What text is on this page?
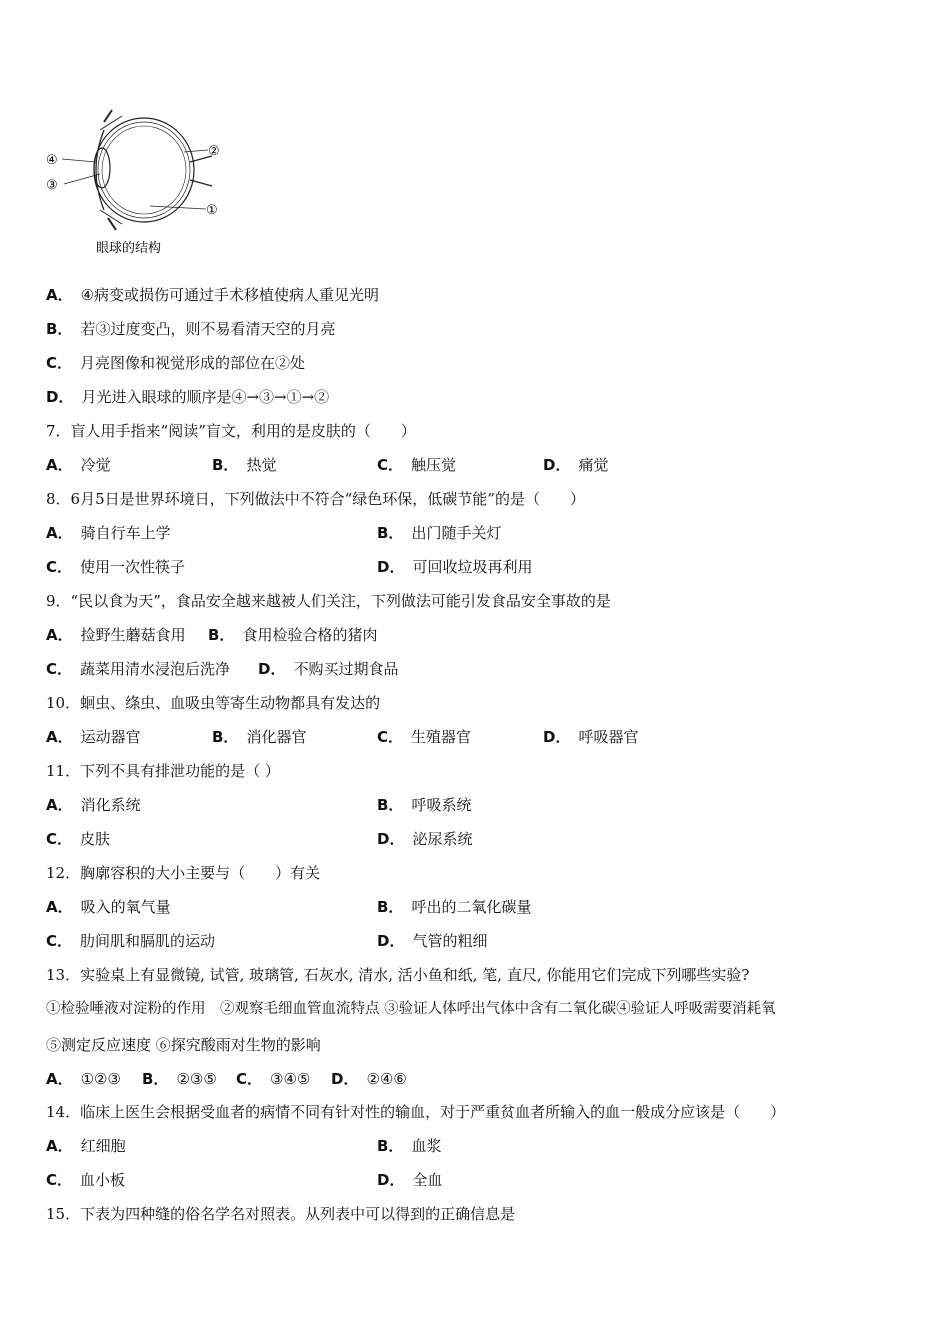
④
③
②
①
眼球的结构
A． ④病变或损伤可通过手术移植使病人重见光明
B． 若③过度变凸，则不易看清天空的月亮
C． 月亮图像和视觉形成的部位在②处
D． 月光进入眼球的顺序是④→③→①→②
7．盲人用手指来“阅读”盲文，利用的是皮肤的（　　）
A． 冷觉	B． 热觉	C． 触压觉	D． 痛觉
8．6月5日是世界环境日，下列做法中不符合“绿色环保，低碳节能”的是（　　）
A． 骑自行车上学	B． 出门随手关灯
C． 使用一次性筷子	D． 可回收垃圾再利用
9．“民以食为天”，食品安全越来越被人们关注，下列做法可能引发食品安全事故的是
A． 捡野生蘑菇食用 B． 食用检验合格的猪肉
C． 蔬菜用清水浸泡后洗净 D． 不购买过期食品
10．蛔虫、绦虫、血吸虫等寄生动物都具有发达的
A． 运动器官	B． 消化器官	C． 生殖器官	D． 呼吸器官
11．下列不具有排泄功能的是（ ）
A． 消化系统	B． 呼吸系统
C． 皮肤	D． 泌尿系统
12．胸廓容积的大小主要与（　　）有关
A． 吸入的氧气量	B． 呼出的二氧化碳量
C． 肋间肌和膈肌的运动	D． 气管的粗细
13．实验桌上有显微镜, 试管, 玻璃管, 石灰水, 清水, 活小鱼和纸, 笔, 直尺, 你能用它们完成下列哪些实验?
①检验唾液对淀粉的作用　②观察毛细血管血流特点 ③验证人体呼出气体中含有二氧化碳④验证人呼吸需要消耗氧
⑤测定反应速度 ⑥探究酸雨对生物的影响
A． ①②③ B． ②③⑤ C． ③④⑤ D． ②④⑥
14．临床上医生会根据受血者的病情不同有针对性的输血，对于严重贫血者所输入的血一般成分应该是（　　）
A． 红细胞	B． 血浆
C． 血小板	D． 全血
15．下表为四种缝的俗名学名对照表。从列表中可以得到的正确信息是
